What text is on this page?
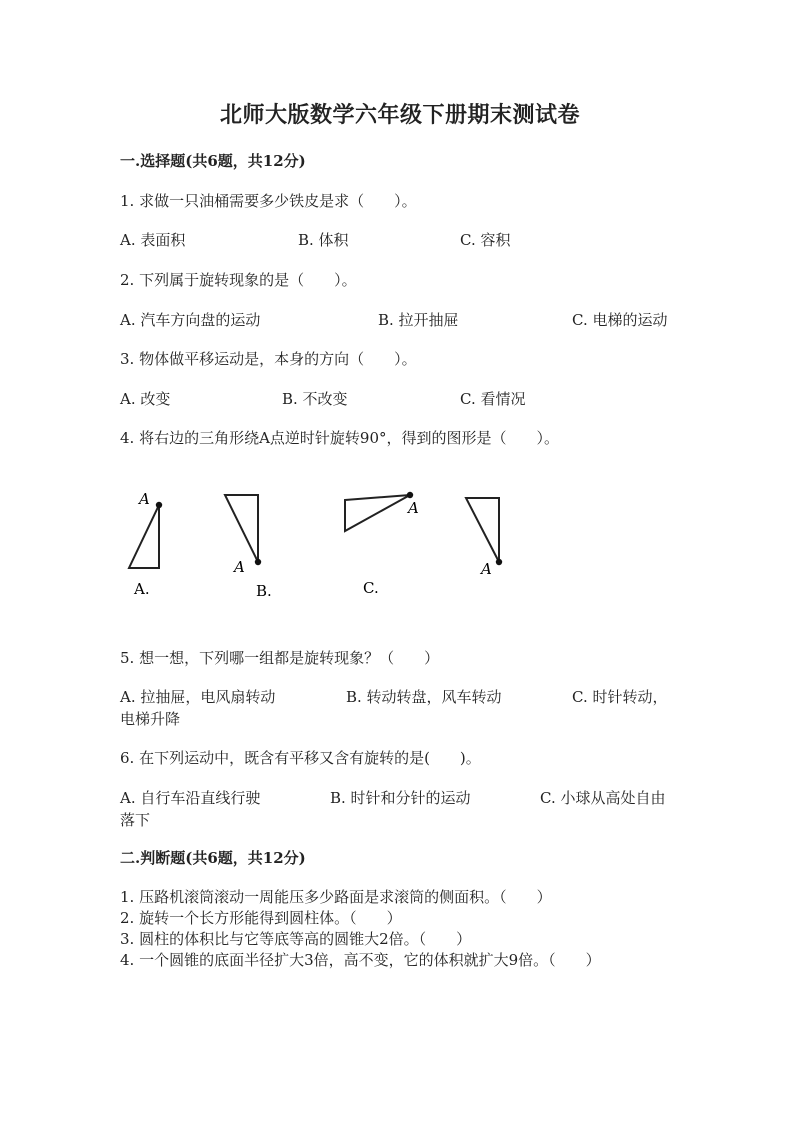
北师大版数学六年级下册期末测试卷
一.选择题(共6题，共12分)
1. 求做一只油桶需要多少铁皮是求（　　）。
A. 表面积	B. 体积	C. 容积
2. 下列属于旋转现象的是（　　）。
A. 汽车方向盘的运动	B. 拉开抽屉	C. 电梯的运动
3. 物体做平移运动是，本身的方向（　　）。
A. 改变	B. 不改变	C. 看情况
4. 将右边的三角形绕A点逆时针旋转90°，得到的图形是（　　）。
A
A.
A
B.
A
C.
A
5. 想一想，下列哪一组都是旋转现象？（　　）
A. 拉抽屉，电风扇转动	B. 转动转盘，风车转动	C. 时针转动，
电梯升降
6. 在下列运动中，既含有平移又含有旋转的是(　　)。
A. 自行车沿直线行驶	B. 时针和分针的运动	C. 小球从高处自由
落下
二.判断题(共6题，共12分)
1. 压路机滚筒滚动一周能压多少路面是求滚筒的侧面积。（　　）
2. 旋转一个长方形能得到圆柱体。（　　）
3. 圆柱的体积比与它等底等高的圆锥大2倍。（　　）
4. 一个圆锥的底面半径扩大3倍，高不变，它的体积就扩大9倍。（　　）
